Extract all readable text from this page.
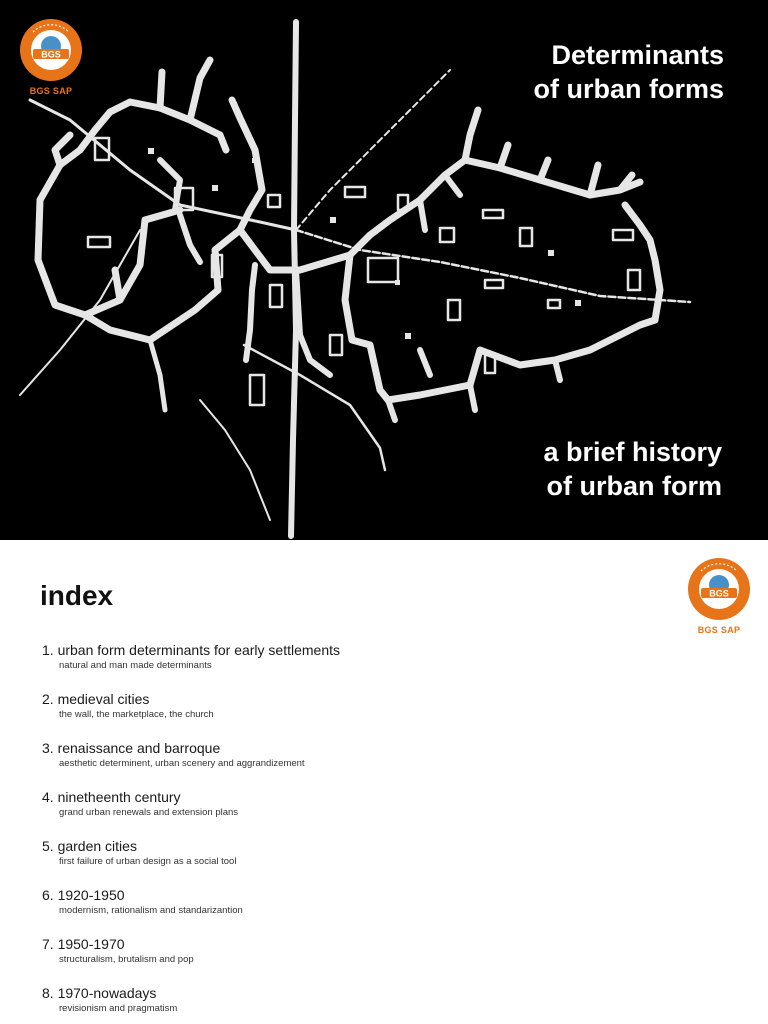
BGS
BGS SAP
Determinants
of urban forms
a brief history
of urban form
index	BGS
BGS SAP
1. urban form determinants for early settlements
natural and man made determinants
2. medieval cities
the wall, the marketplace, the church
3. renaissance and barroque
aesthetic determinent, urban scenery and aggrandizement
4. ninetheenth century
grand urban renewals and extension plans
5. garden cities
first failure of urban design as a social tool
6. 1920-1950
modernism, rationalism and standarizantion
7. 1950-1970
structuralism, brutalism and pop
8. 1970-nowadays
revisionism and pragmatism
